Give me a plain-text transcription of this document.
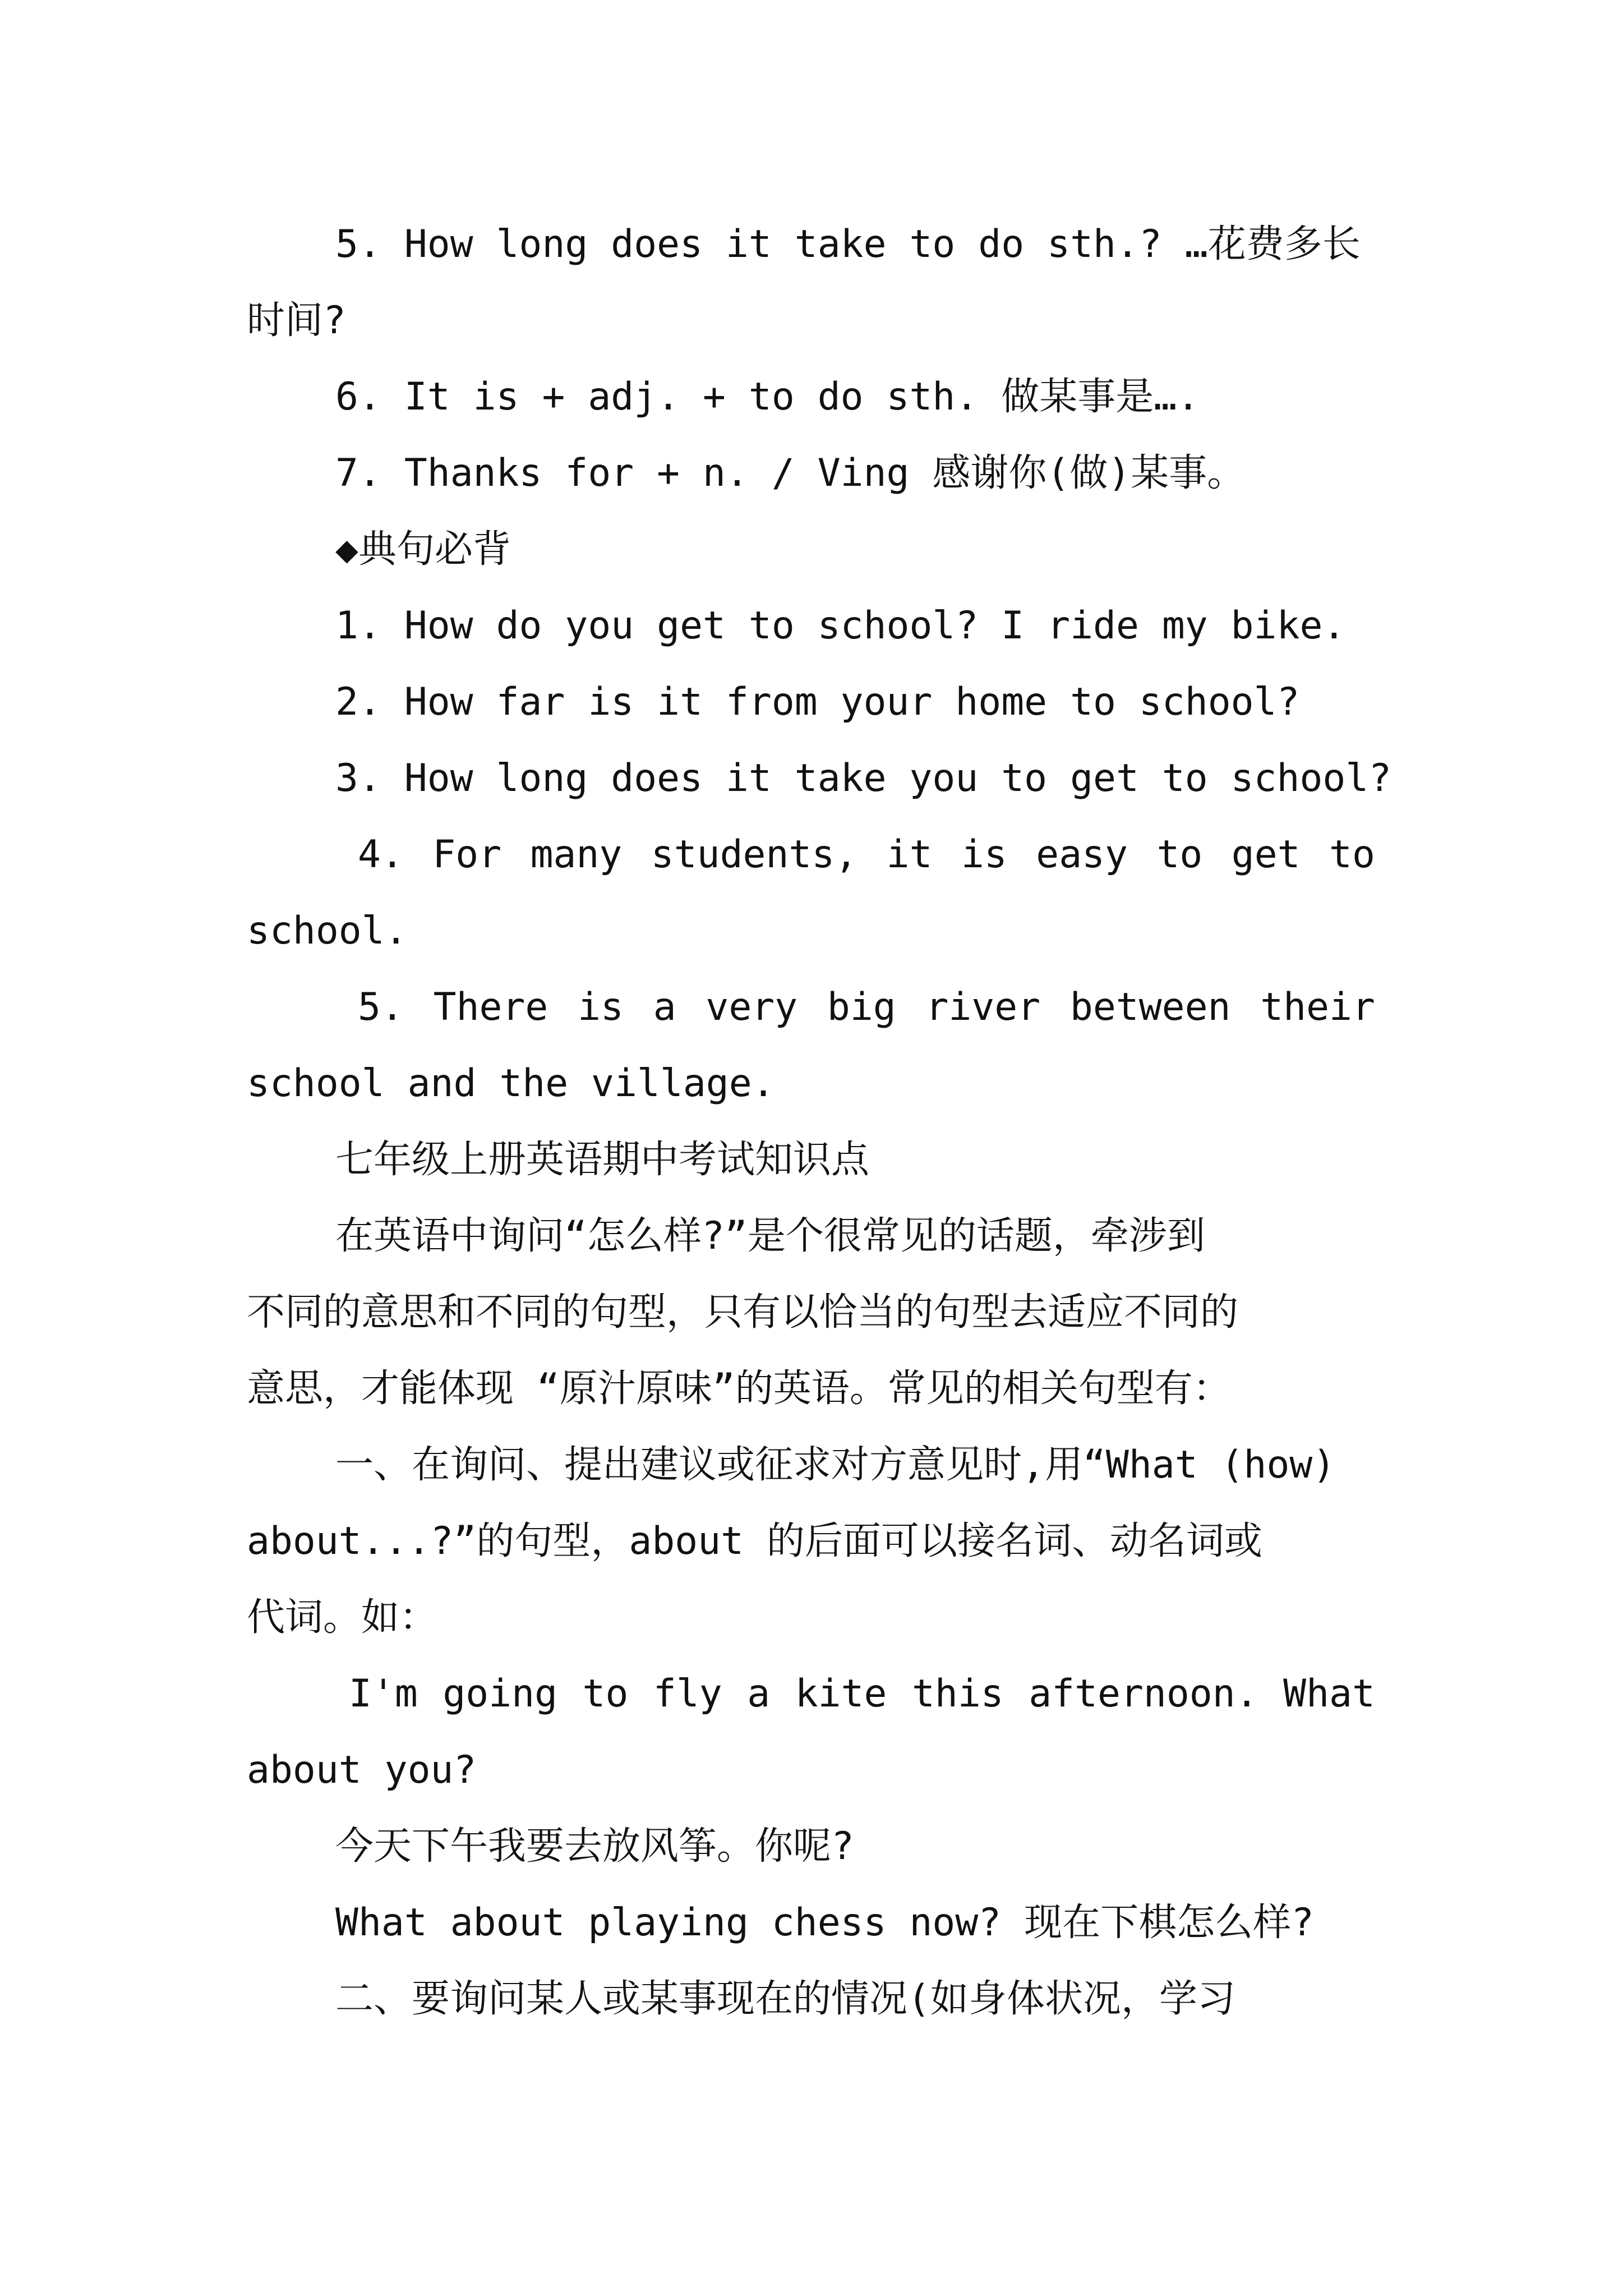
5. How long does it take to do sth.? …花费多长
时间?
6. It is + adj. + to do sth. 做某事是….
7. Thanks for + n. / Ving 感谢你(做)某事。
◆典句必背
1. How do you get to school? I ride my bike.
2. How far is it from your home to school?
3. How long does it take you to get to school?
4. For many students, it is easy to get to
school.
5. There is a very big river between their
school and the village.
七年级上册英语期中考试知识点
在英语中询问“怎么样?”是个很常见的话题，牵涉到
不同的意思和不同的句型，只有以恰当的句型去适应不同的
意思，才能体现 “原汁原味”的英语。常见的相关句型有：
一、在询问、提出建议或征求对方意见时,用“What (how)
about...?”的句型，about 的后面可以接名词、动名词或
代词。如：
I'm going to fly a kite this afternoon. What
about you?
今天下午我要去放风筝。你呢?
What about playing chess now? 现在下棋怎么样?
二、要询问某人或某事现在的情况(如身体状况，学习
